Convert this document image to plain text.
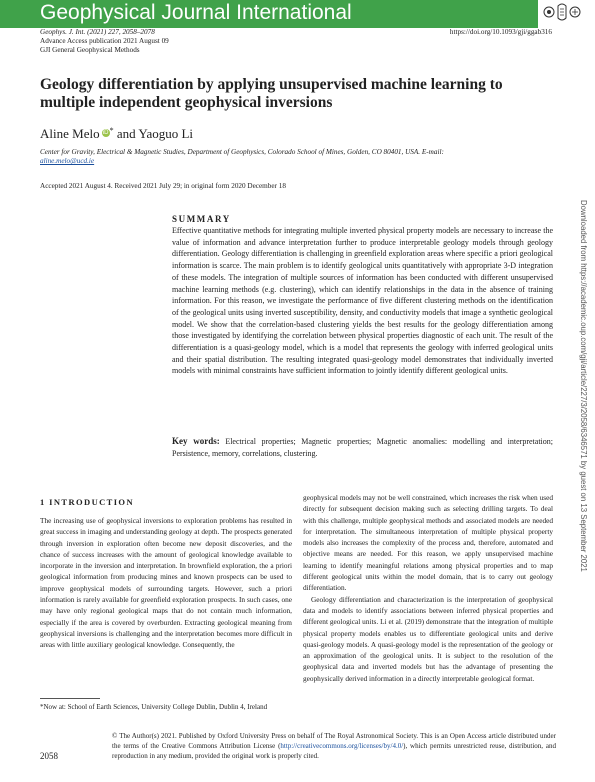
Geophysical Journal International
Geophys. J. Int. (2021) 227, 2058–2078
Advance Access publication 2021 August 09
GJI General Geophysical Methods
https://doi.org/10.1093/gji/ggab316
Geology differentiation by applying unsupervised machine learning to multiple independent geophysical inversions
Aline Melo iD* and Yaoguo Li
Center for Gravity, Electrical & Magnetic Studies, Department of Geophysics, Colorado School of Mines, Golden, CO 80401, USA. E-mail:
aline.melo@ucd.ie
Accepted 2021 August 4. Received 2021 July 29; in original form 2020 December 18
SUMMARY
Effective quantitative methods for integrating multiple inverted physical property models are necessary to increase the value of information and advance interpretation further to produce interpretable geology models through geology differentiation. Geology differentiation is challenging in greenfield exploration areas where specific a priori geological information is scarce. The main problem is to identify geological units quantitatively with appropriate 3-D integration of these models. The integration of multiple sources of information has been conducted with different unsupervised machine learning methods (e.g. clustering), which can identify relationships in the data in the absence of training information. For this reason, we investigate the performance of five different clustering methods on the identification of the geological units using inverted susceptibility, density, and conductivity models that image a synthetic geological model. We show that the correlation-based clustering yields the best results for the geology differentiation among those investigated by identifying the correlation between physical properties diagnostic of each unit. The result of the differentiation is a quasi-geology model, which is a model that represents the geology with inferred geological units and their spatial distribution. The resulting integrated quasi-geology model demonstrates that individually inverted models with minimal constraints have sufficient information to jointly identify different geological units.
Key words: Electrical properties; Magnetic properties; Magnetic anomalies: modelling and interpretation; Persistence, memory, correlations, clustering.	Downloaded from https://academic.oup.com/gji/article/227/3/2058/6346571 by guest on 13 September 2021
1 INTRODUCTION

The increasing use of geophysical inversions to exploration problems has resulted in great success in imaging and understanding geology at depth. The prospects generated through inversion in exploration often become new deposit discoveries, and the chance of success increases with the amount of geological knowledge available to incorporate in the inversion and interpretation. In brownfield exploration, the a priori geological information from producing mines and known prospects can be used to improve geophysical models of surrounding targets. However, such a priori information is rarely available for greenfield exploration prospects. In such cases, one may have only regional geological maps that do not contain much information, especially if the area is covered by overburden. Extracting geological meaning from geophysical inversions is challenging and the interpretation becomes more difficult in areas with little auxiliary geological knowledge. Consequently, the

geophysical models may not be well constrained, which increases the risk when used directly for subsequent decision making such as selecting drilling targets. To deal with this challenge, multiple geophysical methods and associated models are needed for interpretation. The simultaneous interpretation of multiple physical property models also increases the complexity of the process and, therefore, automated and objective means are needed. For this reason, we apply unsupervised machine learning to identify meaningful relations among physical properties and to map different geological units within the model domain, that is to carry out geology differentiation.

Geology differentiation and characterization is the interpretation of geophysical data and models to identify associations between inferred physical properties and different geological units. Li et al. (2019) demonstrate that the integration of multiple physical property models enables us to differentiate geological units and derive quasi-geology models. A quasi-geology model is the representation of the geology or an approximation of the geological units. It is subject to the resolution of the geophysical data and inverted models but has the advantage of presenting the geophysically derived information in a directly interpretable geological format.

*Now at: School of Earth Sciences, University College Dublin, Dublin 4, Ireland
2058
© The Author(s) 2021. Published by Oxford University Press on behalf of The Royal Astronomical Society. This is an Open Access article distributed under the terms of the Creative Commons Attribution License (http://creativecommons.org/licenses/by/4.0/), which permits unrestricted reuse, distribution, and reproduction in any medium, provided the original work is properly cited.
